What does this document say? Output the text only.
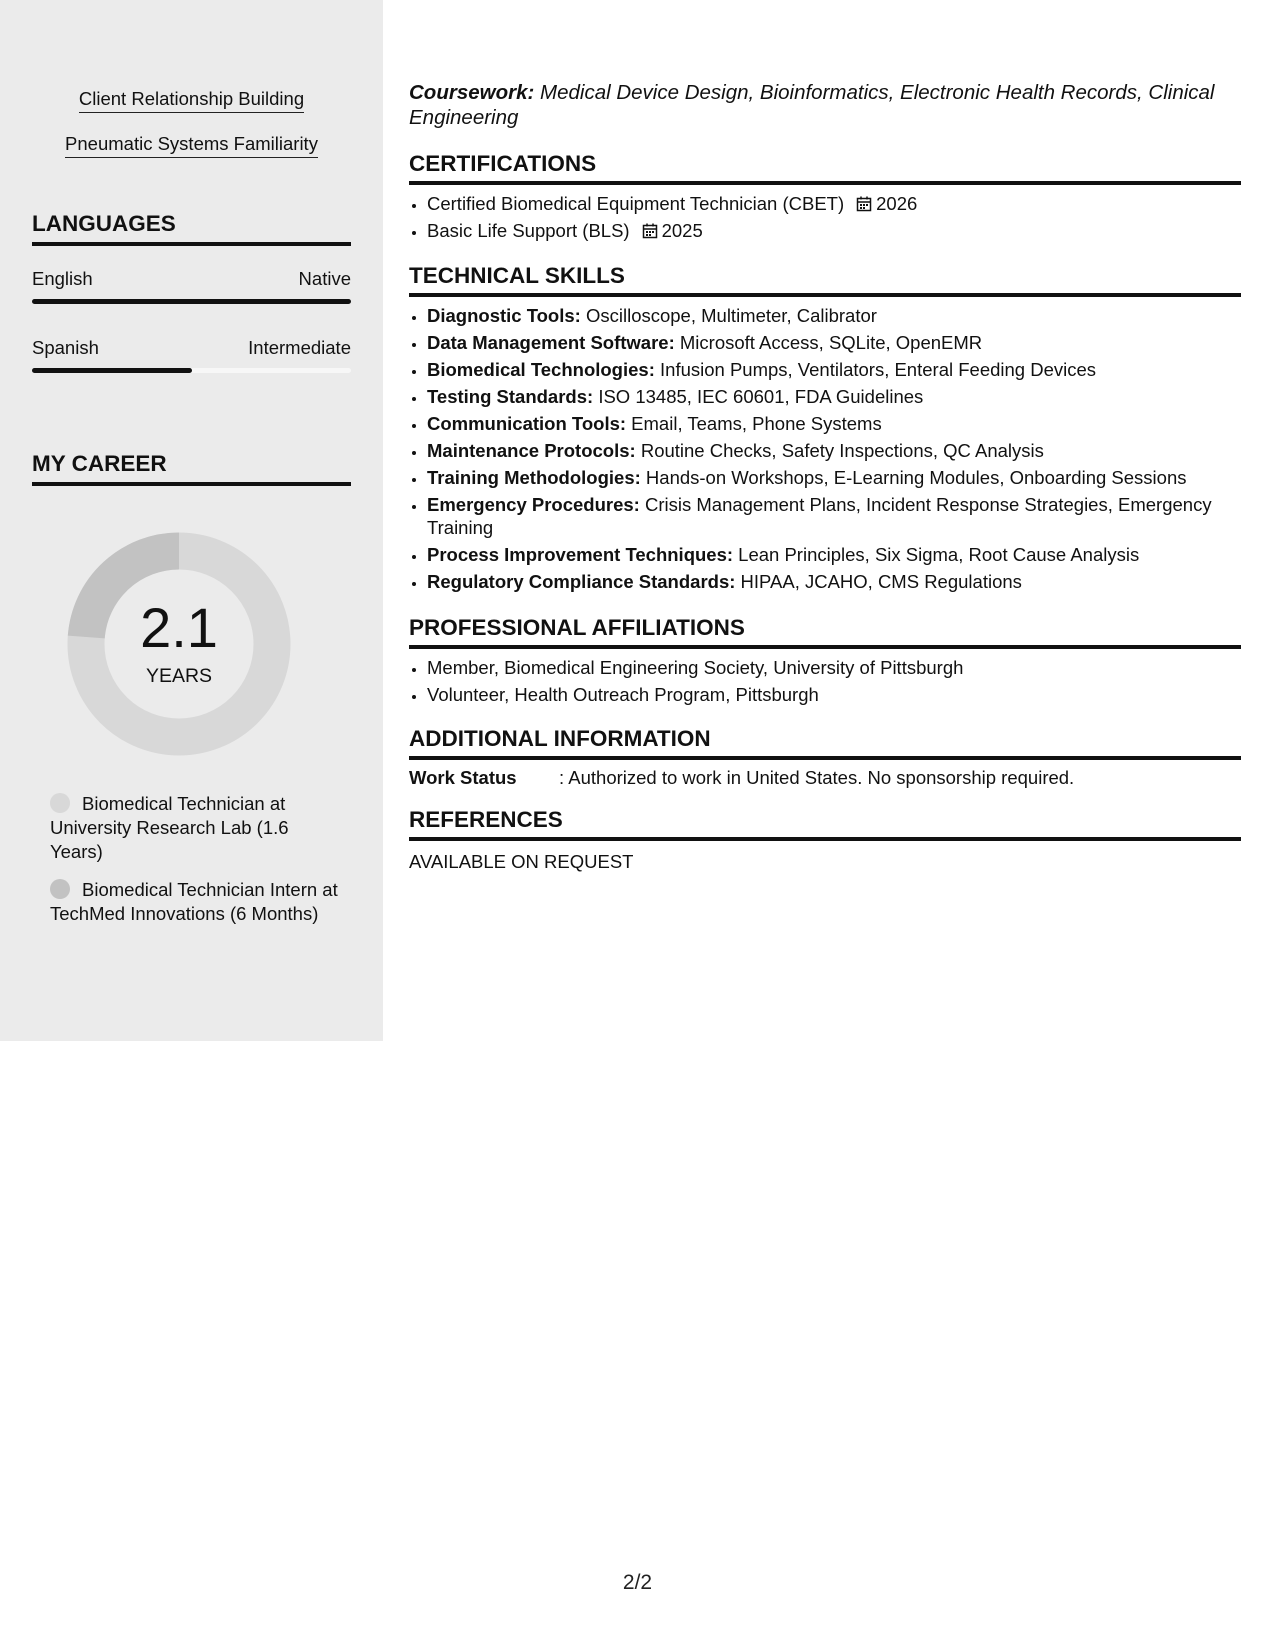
Client Relationship Building
Pneumatic Systems Familiarity
LANGUAGES
English	Native
Spanish	Intermediate
MY CAREER
2.1
YEARS
Biomedical Technician at University Research Lab (1.6 Years)
Biomedical Technician Intern at TechMed Innovations (6 Months)
Coursework: Medical Device Design, Bioinformatics, Electronic Health Records, Clinical Engineering
CERTIFICATIONS
• Certified Biomedical Equipment Technician (CBET) 2026
• Basic Life Support (BLS) 2025
TECHNICAL SKILLS
• Diagnostic Tools: Oscilloscope, Multimeter, Calibrator
• Data Management Software: Microsoft Access, SQLite, OpenEMR
• Biomedical Technologies: Infusion Pumps, Ventilators, Enteral Feeding Devices
• Testing Standards: ISO 13485, IEC 60601, FDA Guidelines
• Communication Tools: Email, Teams, Phone Systems
• Maintenance Protocols: Routine Checks, Safety Inspections, QC Analysis
• Training Methodologies: Hands-on Workshops, E-Learning Modules, Onboarding Sessions
• Emergency Procedures: Crisis Management Plans, Incident Response Strategies, Emergency Training
• Process Improvement Techniques: Lean Principles, Six Sigma, Root Cause Analysis
• Regulatory Compliance Standards: HIPAA, JCAHO, CMS Regulations
PROFESSIONAL AFFILIATIONS
• Member, Biomedical Engineering Society, University of Pittsburgh
• Volunteer, Health Outreach Program, Pittsburgh
ADDITIONAL INFORMATION
Work Status : Authorized to work in United States. No sponsorship required.
REFERENCES
AVAILABLE ON REQUEST
2/2
